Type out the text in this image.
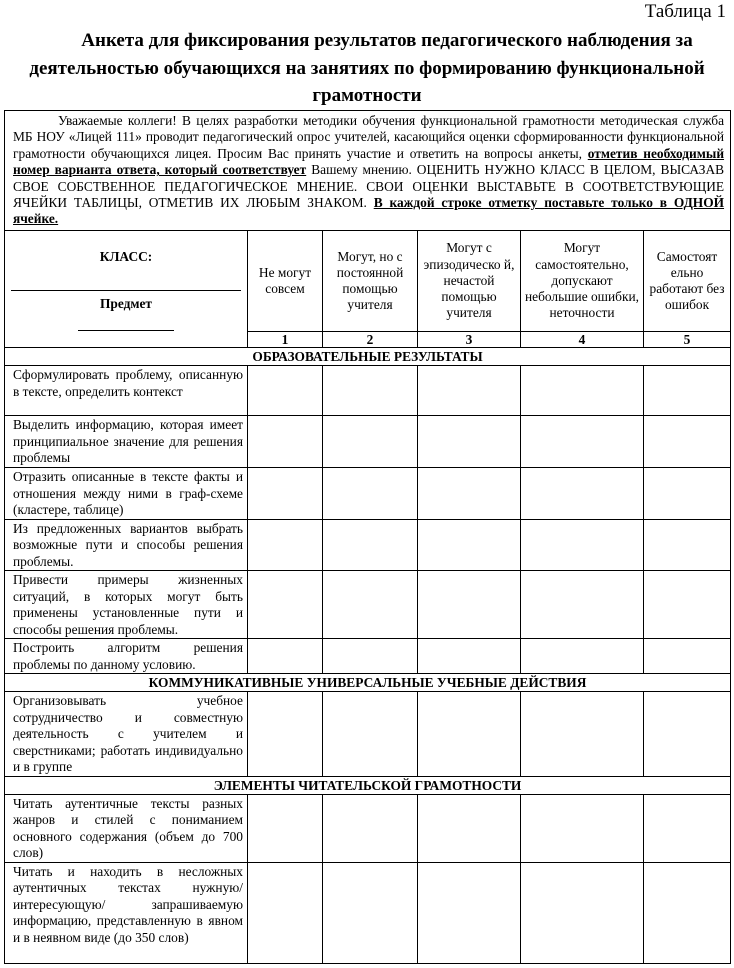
Таблица 1
Анкета для фиксирования результатов педагогического наблюдения за
деятельностью обучающихся на занятиях по формированию функциональной
грамотности
Уважаемые коллеги! В целях разработки методики обучения функциональной грамотности методическая служба МБ НОУ «Лицей 111» проводит педагогический опрос учителей, касающийся оценки сформированности функциональной грамотности обучающихся лицея. Просим Вас принять участие и ответить на вопросы анкеты, отметив необходимый номер варианта ответа, который соответствует Вашему мнению. ОЦЕНИТЬ НУЖНО КЛАСС В ЦЕЛОМ, ВЫСАЗАВ СВОЕ СОБСТВЕННОЕ ПЕДАГОГИЧЕСКОЕ МНЕНИЕ. СВОИ ОЦЕНКИ ВЫСТАВЬТЕ В СООТВЕТСТВУЮЩИЕ ЯЧЕЙКИ ТАБЛИЦЫ, ОТМЕТИВ ИХ ЛЮБЫМ ЗНАКОМ. В каждой строке отметку поставьте только в ОДНОЙ ячейке.					

КЛАСС:
Предмет	Не могут совсем	Могут, но с постоянной помощью учителя	Могут с эпизодическо й, нечастой помощью учителя	Могут самостоятельно, допускают небольшие ошибки, неточности	Самостоят ельно работают без ошибок
	1	2	3	4	5
ОБРАЗОВАТЕЛЬНЫЕ РЕЗУЛЬТАТЫ					
Сформулировать проблему, описанную в тексте, определить контекст					
Выделить информацию, которая имеет принципиальное значение для решения проблемы					
Отразить описанные в тексте факты и отношения между ними в граф-схеме (кластере, таблице)					
Из предложенных вариантов выбрать возможные пути и способы решения проблемы.					
Привести примеры жизненных ситуаций, в которых могут быть применены установленные пути и способы решения проблемы.					
Построить алгоритм решения проблемы по данному условию.					
КОММУНИКАТИВНЫЕ УНИВЕРСАЛЬНЫЕ УЧЕБНЫЕ ДЕЙСТВИЯ					
Организовывать учебное сотрудничество и совместную деятельность с учителем и сверстниками; работать индивидуально и в группе					
ЭЛЕМЕНТЫ ЧИТАТЕЛЬСКОЙ ГРАМОТНОСТИ					
Читать аутентичные тексты разных жанров и стилей с пониманием основного содержания (объем до 700 слов)					
Читать и находить в несложных аутентичных текстах нужную/интересующую/ запрашиваемую информацию, представленную в явном и в неявном виде (до 350 слов)					
